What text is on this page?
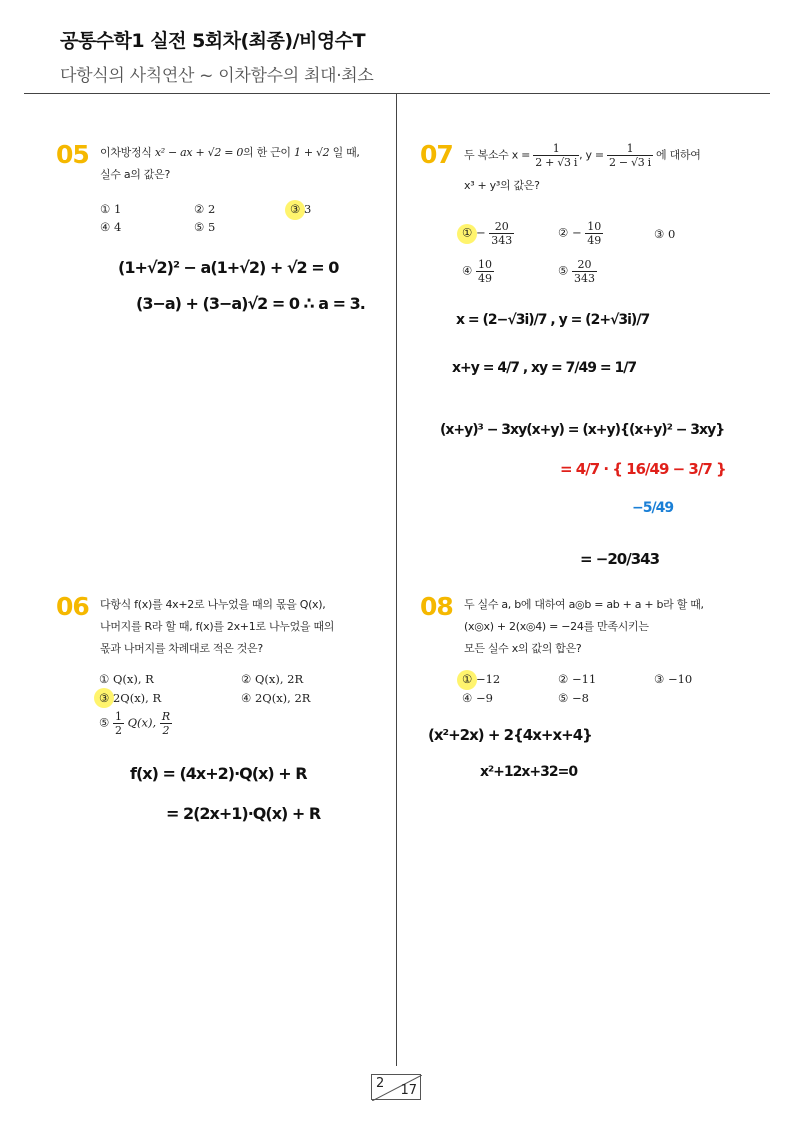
공통수학1 실전 5회차(최종)/비영수T
다항식의 사칙연산 ~ 이차함수의 최대·최소
05 이차방정식 x² − ax + √2 = 0의 한 근이 1 + √2 일 때,
실수 a의 값은?
① 1	② 2	③ 3
④ 4	⑤ 5
(1+√2)² − a(1+√2) + √2 = 0
(3−a) + (3−a)√2 = 0 ∴ a = 3.
06 다항식 f(x)를 4x+2로 나누었을 때의 몫을 Q(x),
나머지를 R라 할 때, f(x)를 2x+1로 나누었을 때의
몫과 나머지를 차례대로 적은 것은?
① Q(x), R	② Q(x), 2R
③ 2Q(x), R	④ 2Q(x), 2R
⑤ $\frac{1}{2} Q(x)$, $\frac{R}{2}$
f(x) = (4x+2)·Q(x) + R
= 2(2x+1)·Q(x) + R
07 두 복소수 $x = \frac{1}{2 + √3 i}$ , $y = \frac{1}{2 - √3 i}$ 에 대하여
x³ + y³의 값은?
① − $\frac{20}{343}$	② − $\frac{10}{49}$	③ 0
④ $\frac{10}{49}$	⑤ $\frac{20}{343}$
x = (2−√3i)/7 , y = (2+√3i)/7
x+y = 4/7 , xy = 7/49 = 1/7
(x+y)³ − 3xy(x+y) = (x+y){(x+y)² − 3xy}
= 4/7 · { 16/49 − 3/7 }
−5/49
= −20/343
08 두 실수 a, b에 대하여 a◎b = ab + a + b라 할 때,
(x◎x) + 2(x◎4) = −24를 만족시키는
모든 실수 x의 값의 합은?
① −12	② −11	③ −10
④ −9	⑤ −8
(x²+2x) + 2{4x+x+4}
x²+12x+32=0
2 17
